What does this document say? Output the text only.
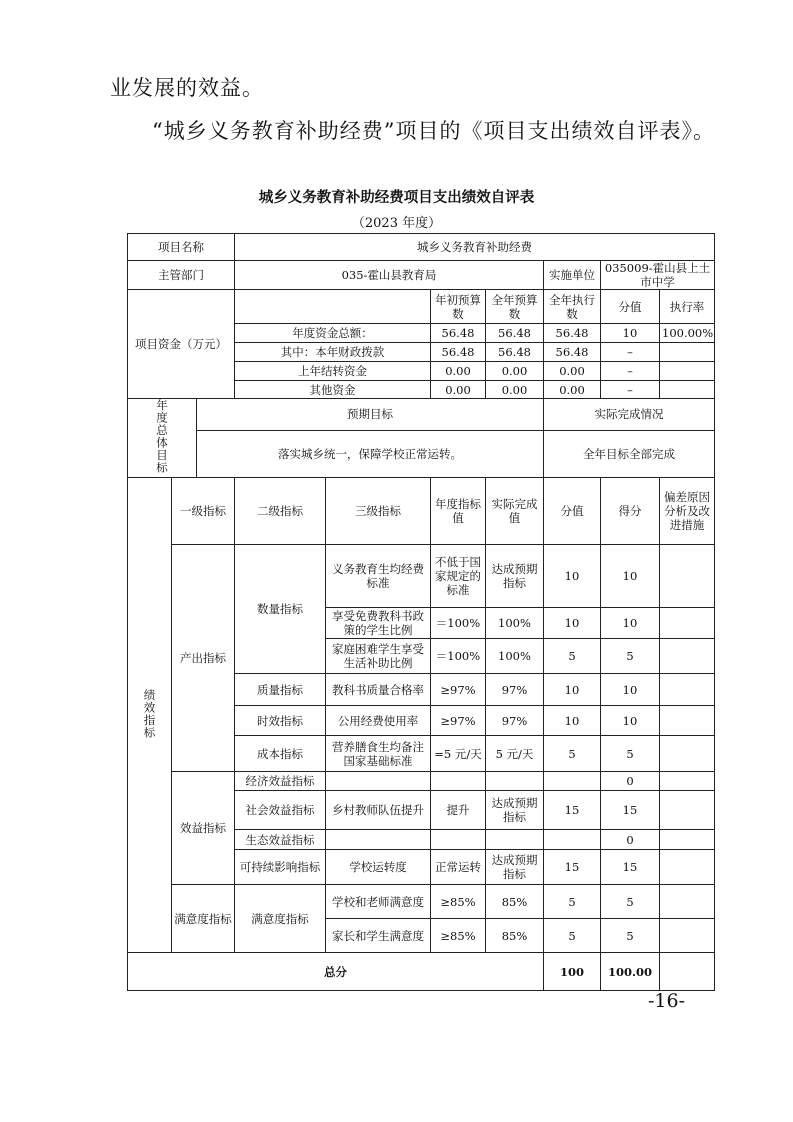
业发展的效益。
“城乡义务教育补助经费”项目的《项目支出绩效自评表》。
城乡义务教育补助经费项目支出绩效自评表
（2023 年度）
项目名称			城乡义务教育补助经费							
主管部门			035-霍山县教育局				实施单位	035009-霍山县上土市中学		
项目资金（万元）					年初预算数	全年预算数	全年执行数	分值	执行率	
			年度资金总额：		56.48	56.48	56.48	10	100.00%	
			其中：本年财政拨款		56.48	56.48	56.48	–		
			上年结转资金		0.00	0.00	0.00	–		
			其他资金		0.00	0.00	0.00	–		
年度总体目标		预期目标					实际完成情况			
		落实城乡统一，保障学校正常运转。					全年目标全部完成			
绩效指标	一级指标		二级指标	三级指标	年度指标值	实际完成值	分值	得分	偏差原因分析及改进措施	
	产出指标		数量指标	义务教育生均经费标准	不低于国家规定的标准	达成预期指标	10	10		
				享受免费教科书政策的学生比例	＝100%	100%	10	10		
				家庭困难学生享受生活补助比例	＝100%	100%	5	5		
			质量指标	教科书质量合格率	≥97%	97%	10	10		
			时效指标	公用经费使用率	≥97%	97%	10	10		
			成本指标	营养膳食生均备注国家基础标准	=5 元/天	5 元/天	5	5		
	效益指标		经济效益指标					0		
			社会效益指标	乡村教师队伍提升	提升	达成预期指标	15	15		
			生态效益指标					0		
			可持续影响指标	学校运转度	正常运转	达成预期指标	15	15		
	满意度指标		满意度指标	学校和老师满意度	≥85%	85%	5	5		
				家长和学生满意度	≥85%	85%	5	5		
总分							100	100.00		
-16-
